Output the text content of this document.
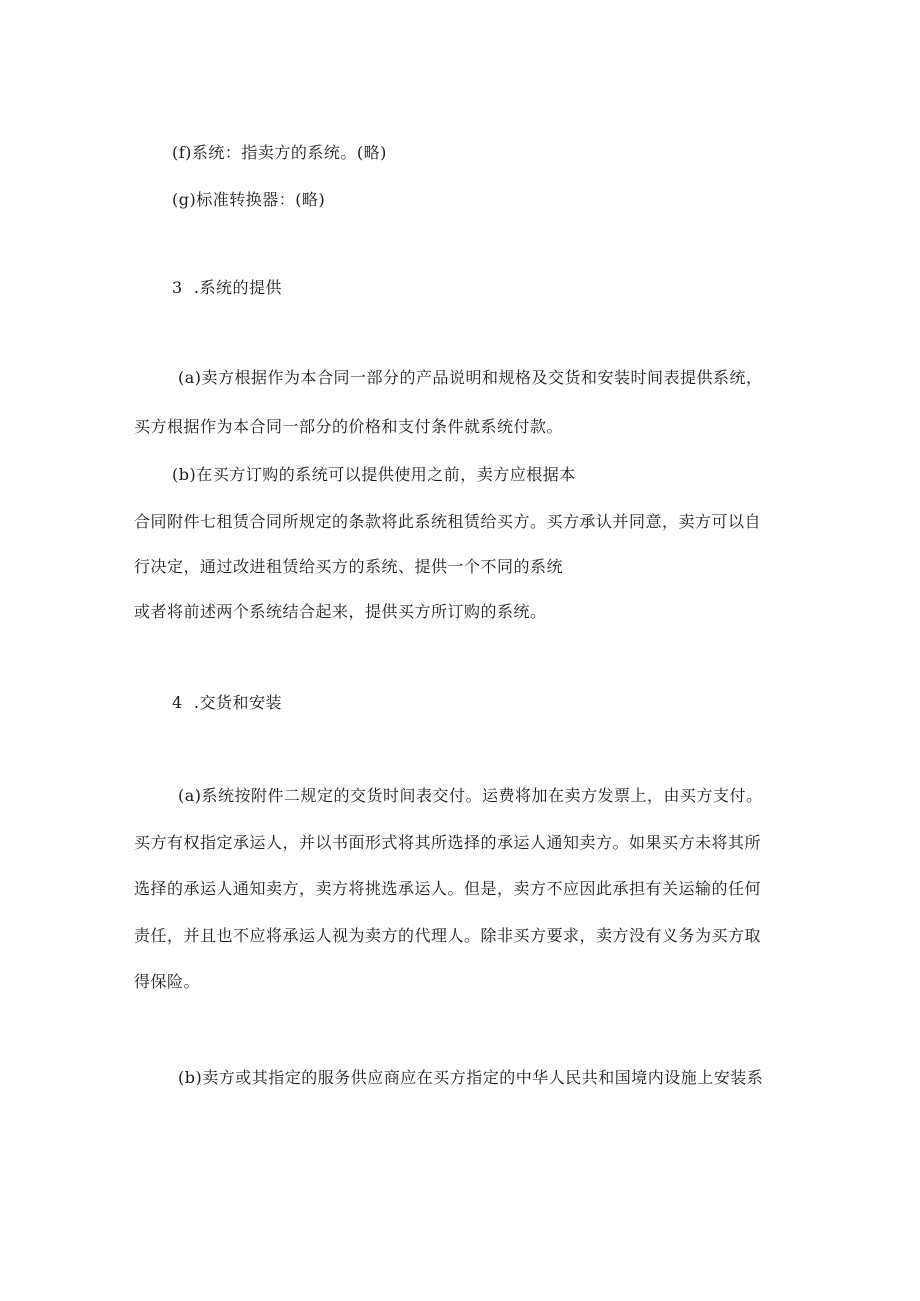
(f)系统：指卖方的系统。(略)
(g)标准转换器：(略)
3  .系统的提供
(a)卖方根据作为本合同一部分的产品说明和规格及交货和安装时间表提供系统，
买方根据作为本合同一部分的价格和支付条件就系统付款。
(b)在买方订购的系统可以提供使用之前，卖方应根据本
合同附件七租赁合同所规定的条款将此系统租赁给买方。买方承认并同意，卖方可以自
行决定，通过改进租赁给买方的系统、提供一个不同的系统
或者将前述两个系统结合起来，提供买方所订购的系统。
4  .交货和安装
(a)系统按附件二规定的交货时间表交付。运费将加在卖方发票上，由买方支付。
买方有权指定承运人，并以书面形式将其所选择的承运人通知卖方。如果买方未将其所
选择的承运人通知卖方，卖方将挑选承运人。但是，卖方不应因此承担有关运输的任何
责任，并且也不应将承运人视为卖方的代理人。除非买方要求，卖方没有义务为买方取
得保险。
(b)卖方或其指定的服务供应商应在买方指定的中华人民共和国境内设施上安装系
